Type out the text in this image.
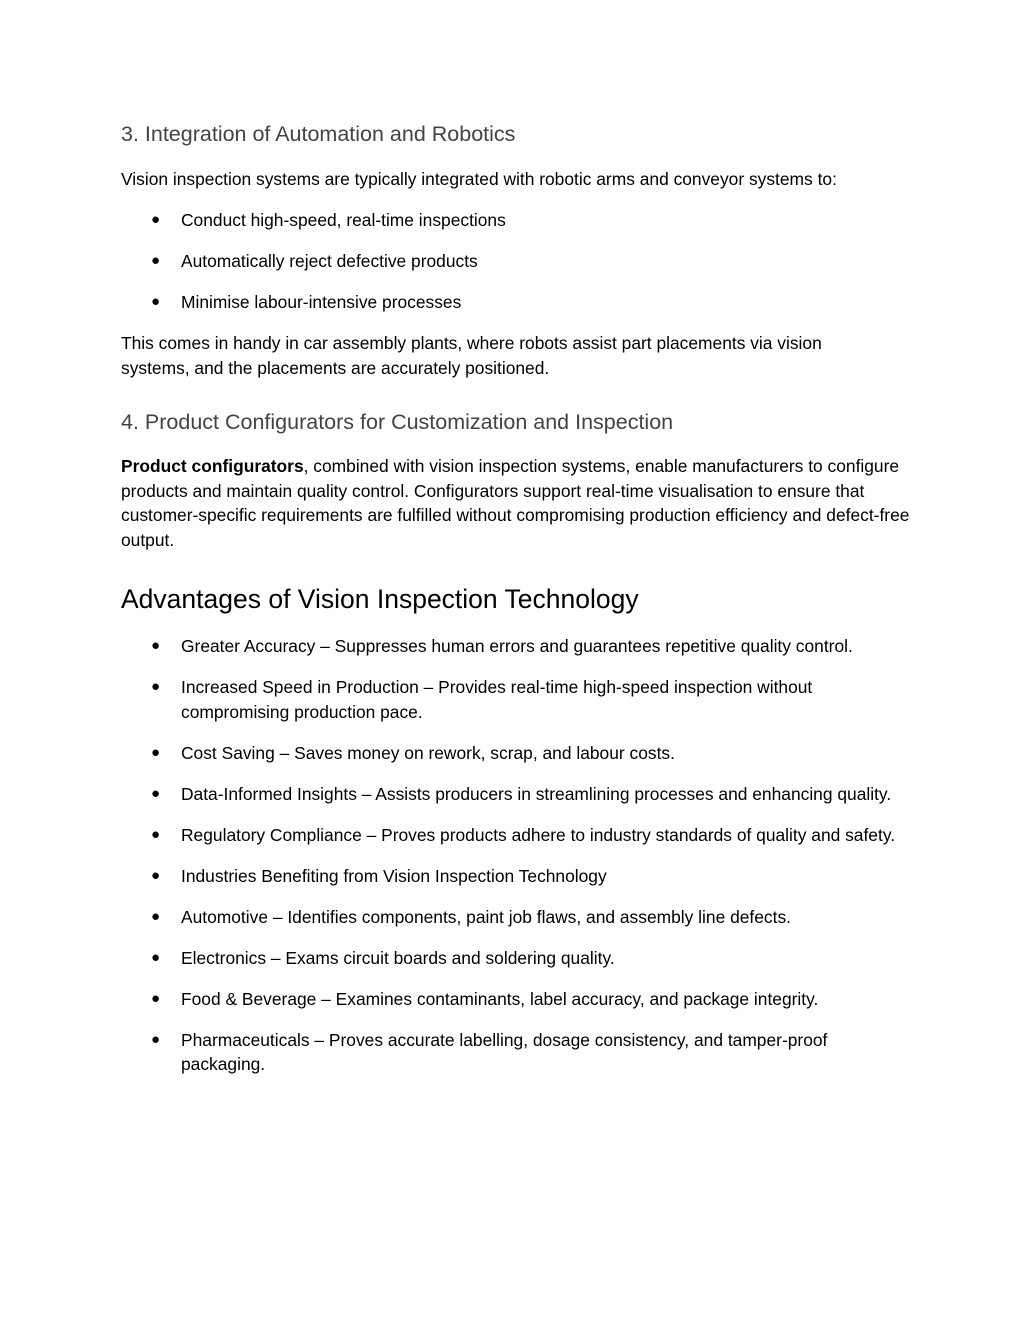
3. Integration of Automation and Robotics

Vision inspection systems are typically integrated with robotic arms and conveyor systems to:

● Conduct high-speed, real-time inspections
● Automatically reject defective products
● Minimise labour-intensive processes

This comes in handy in car assembly plants, where robots assist part placements via vision systems, and the placements are accurately positioned.

4. Product Configurators for Customization and Inspection

Product configurators, combined with vision inspection systems, enable manufacturers to configure products and maintain quality control. Configurators support real-time visualisation to ensure that customer-specific requirements are fulfilled without compromising production efficiency and defect-free output.

Advantages of Vision Inspection Technology
● Greater Accuracy – Suppresses human errors and guarantees repetitive quality control.
● Increased Speed in Production – Provides real-time high-speed inspection without compromising production pace.
● Cost Saving – Saves money on rework, scrap, and labour costs.
● Data-Informed Insights – Assists producers in streamlining processes and enhancing quality.
● Regulatory Compliance – Proves products adhere to industry standards of quality and safety.
● Industries Benefiting from Vision Inspection Technology
● Automotive – Identifies components, paint job flaws, and assembly line defects.
● Electronics – Exams circuit boards and soldering quality.
● Food & Beverage – Examines contaminants, label accuracy, and package integrity.
● Pharmaceuticals – Proves accurate labelling, dosage consistency, and tamper-proof packaging.
